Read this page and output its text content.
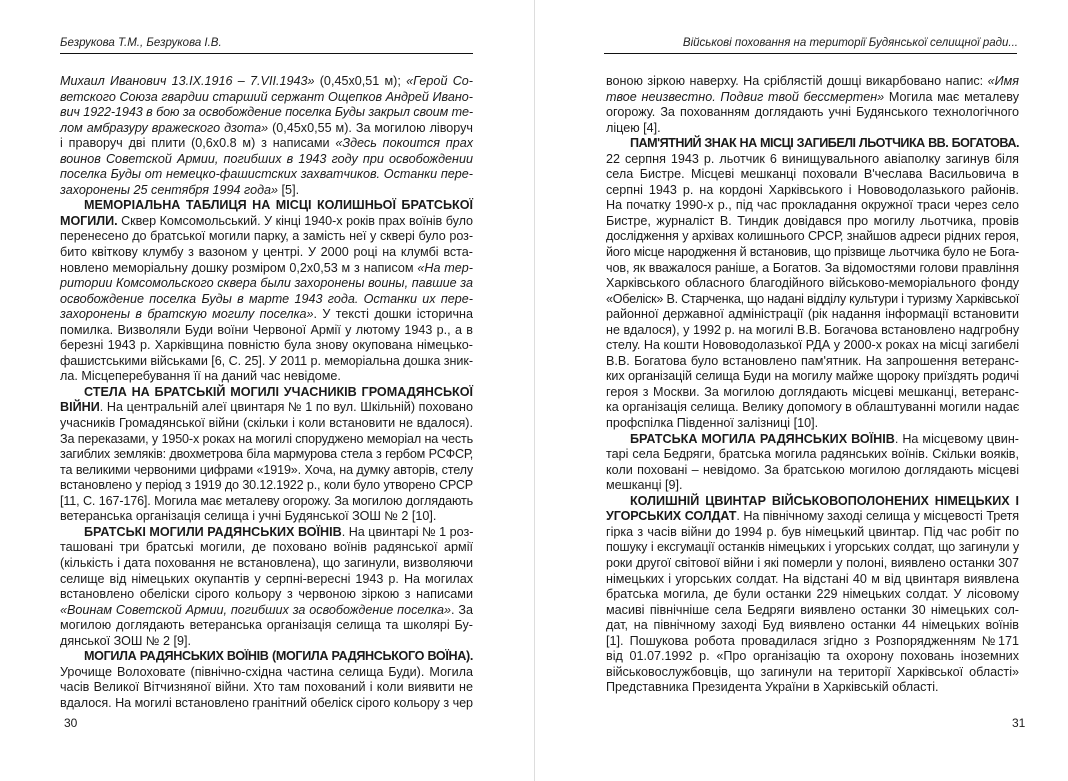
Безрукова Т.М., Безрукова І.В.
Михаил Иванович 13.IX.1916 – 7.VII.1943» (0,45х0,51 м); «Герой Со-
ветского Союза гвардии старший сержант Ощепков Андрей Ивано-
вич 1922-1943 в бою за освобождение поселка Буды закрыл своим те-
лом амбразуру вражеского дзота» (0,45х0,55 м). За могилою ліворуч
і праворуч дві плити (0,6х0.8 м) з написами «Здесь покоится прах
воинов Советской Армии, погибших в 1943 году при освобождении
поселка Буды от немецко-фашистских захватчиков. Останки пере-
захоронены 25 сентября 1994 года» [5].
МЕМОРІАЛЬНА ТАБЛИЦЯ НА МІСЦІ КОЛИШНЬОЇ БРАТСЬКОЇ
МОГИЛИ. Сквер Комсомольський. У кінці 1940-х років прах воїнів було
перенесено до братської могили парку, а замість неї у сквері було роз-
бито квіткову клумбу з вазоном у центрі. У 2000 році на клумбі вста-
новлено меморіальну дошку розміром 0,2х0,53 м з написом «На тер-
ритории Комсомольского сквера были захоронены воины, павшие за
освобождение поселка Буды в марте 1943 года. Останки их пере-
захоронены в братскую могилу поселка». У тексті дошки історична
помилка. Визволяли Буди воїни Червоної Армії у лютому 1943 р., а в
березні 1943 р. Харківщина повністю була знову окупована німецько-
фашистськими військами [6, С. 25]. У 2011 р. меморіальна дошка зник-
ла. Місцеперебування її на даний час невідоме.
СТЕЛА НА БРАТСЬКІЙ МОГИЛІ УЧАСНИКІВ ГРОМАДЯНСЬКОЇ
ВІЙНИ. На центральній алеї цвинтаря № 1 по вул. Шкільній) поховано
учасників Громадянської війни (скільки і коли встановити не вдалося).
За переказами, у 1950-х роках на могилі споруджено меморіал на честь
загиблих земляків: двохметрова біла мармурова стела з гербом РСФСР,
та великими червоними цифрами «1919». Хоча, на думку авторів, стелу
встановлено у період з 1919 до 30.12.1922 р., коли було утворено СРСР
[11, С. 167-176]. Могила має металеву огорожу. За могилою доглядають
ветеранська організація селища і учні Будянської ЗОШ № 2 [10].
БРАТСЬКІ МОГИЛИ РАДЯНСЬКИХ ВОЇНІВ. На цвинтарі № 1 роз-
ташовані три братські могили, де поховано воїнів радянської армії
(кількість і дата поховання не встановлена), що загинули, визволяючи
селище від німецьких окупантів у серпні-вересні 1943 р. На могилах
встановлено обеліски сірого кольору з червоною зіркою з написами
«Воинам Советской Армии, погибших за освобождение поселка». За
могилою доглядають ветеранська організація селища та школярі Бу-
дянської ЗОШ № 2 [9].
МОГИЛА РАДЯНСЬКИХ ВОЇНІВ (МОГИЛА РАДЯНСЬКОГО ВОЇНА).
Урочище Волоховате (північно-східна частина селища Буди). Могила
часів Великої Вітчизняної війни. Хто там похований і коли виявити не
вдалося. На могилі встановлено гранітний обеліск сірого кольору з чер
30
Військові поховання на території Будянської селищної ради...
воною зіркою наверху. На сріблястій дошці викарбовано напис: «Имя
твое неизвестно. Подвиг твой бессмертен» Могила має металеву
огорожу. За похованням доглядають учні Будянського технологічного
ліцею [4].
ПАМ'ЯТНИЙ ЗНАК НА МІСЦІ ЗАГИБЕЛІ ЛЬОТЧИКА ВВ. БОГАТОВА.
22 серпня 1943 р. льотчик 6 винищувального авіаполку загинув біля
села Бистре. Місцеві мешканці поховали В'чеслава Васильовича в
серпні 1943 р. на кордоні Харківського і Нововодолазького районів.
На початку 1990-х р., під час прокладання окружної траси через село
Бистре, журналіст В. Тиндик довідався про могилу льотчика, провів
дослідження у архівах колишнього СРСР, знайшов адреси рідних героя,
його місце народження й встановив, що прізвище льотчика було не Бога-
чов, як вважалося раніше, а Богатов. За відомостями голови правління
Харківського обласного благодійного військово-меморіального фонду
«Обеліск» В. Старченка, що надані відділу культури і туризму Харківської
районної державної адміністрації (рік надання інформації встановити
не вдалося), у 1992 р. на могилі В.В. Богачова встановлено надгробну
стелу. На кошти Нововодолазької РДА у 2000-х роках на місці загибелі
В.В. Богатова було встановлено пам'ятник. На запрошення ветеранс-
ких організацій селища Буди на могилу майже щороку приїздять родичі
героя з Москви. За могилою доглядають місцеві мешканці, ветеранс-
ка організація селища. Велику допомогу в облаштуванні могили надає
профспілка Південної залізниці [10].
БРАТСЬКА МОГИЛА РАДЯНСЬКИХ ВОЇНІВ. На місцевому цвин-
тарі села Бедряги, братська могила радянських воїнів. Скільки вояків,
коли поховані – невідомо. За братською могилою доглядають місцеві
мешканці [9].
КОЛИШНІЙ ЦВИНТАР ВІЙСЬКОВОПОЛОНЕНИХ НІМЕЦЬКИХ І
УГОРСЬКИХ СОЛДАТ. На північному заході селища у місцевості Третя
гірка з часів війни до 1994 р. був німецький цвинтар. Під час робіт по
пошуку і ексгумації останків німецьких і угорських солдат, що загинули у
роки другої світової війни і які померли у полоні, виявлено останки 307
німецьких і угорських солдат. На відстані 40 м від цвинтаря виявлена
братська могила, де були останки 229 німецьких солдат. У лісовому
масиві північніше села Бедряги виявлено останки 30 німецьких сол-
дат, на північному заході Буд виявлено останки 44 німецьких воїнів
[1]. Пошукова робота провадилася згідно з Розпорядженням №171
від 01.07.1992 р. «Про організацію та охорону поховань іноземних
військовослужбовців, що загинули на території Харківської області»
Представника Президента України в Харківській області.
31
